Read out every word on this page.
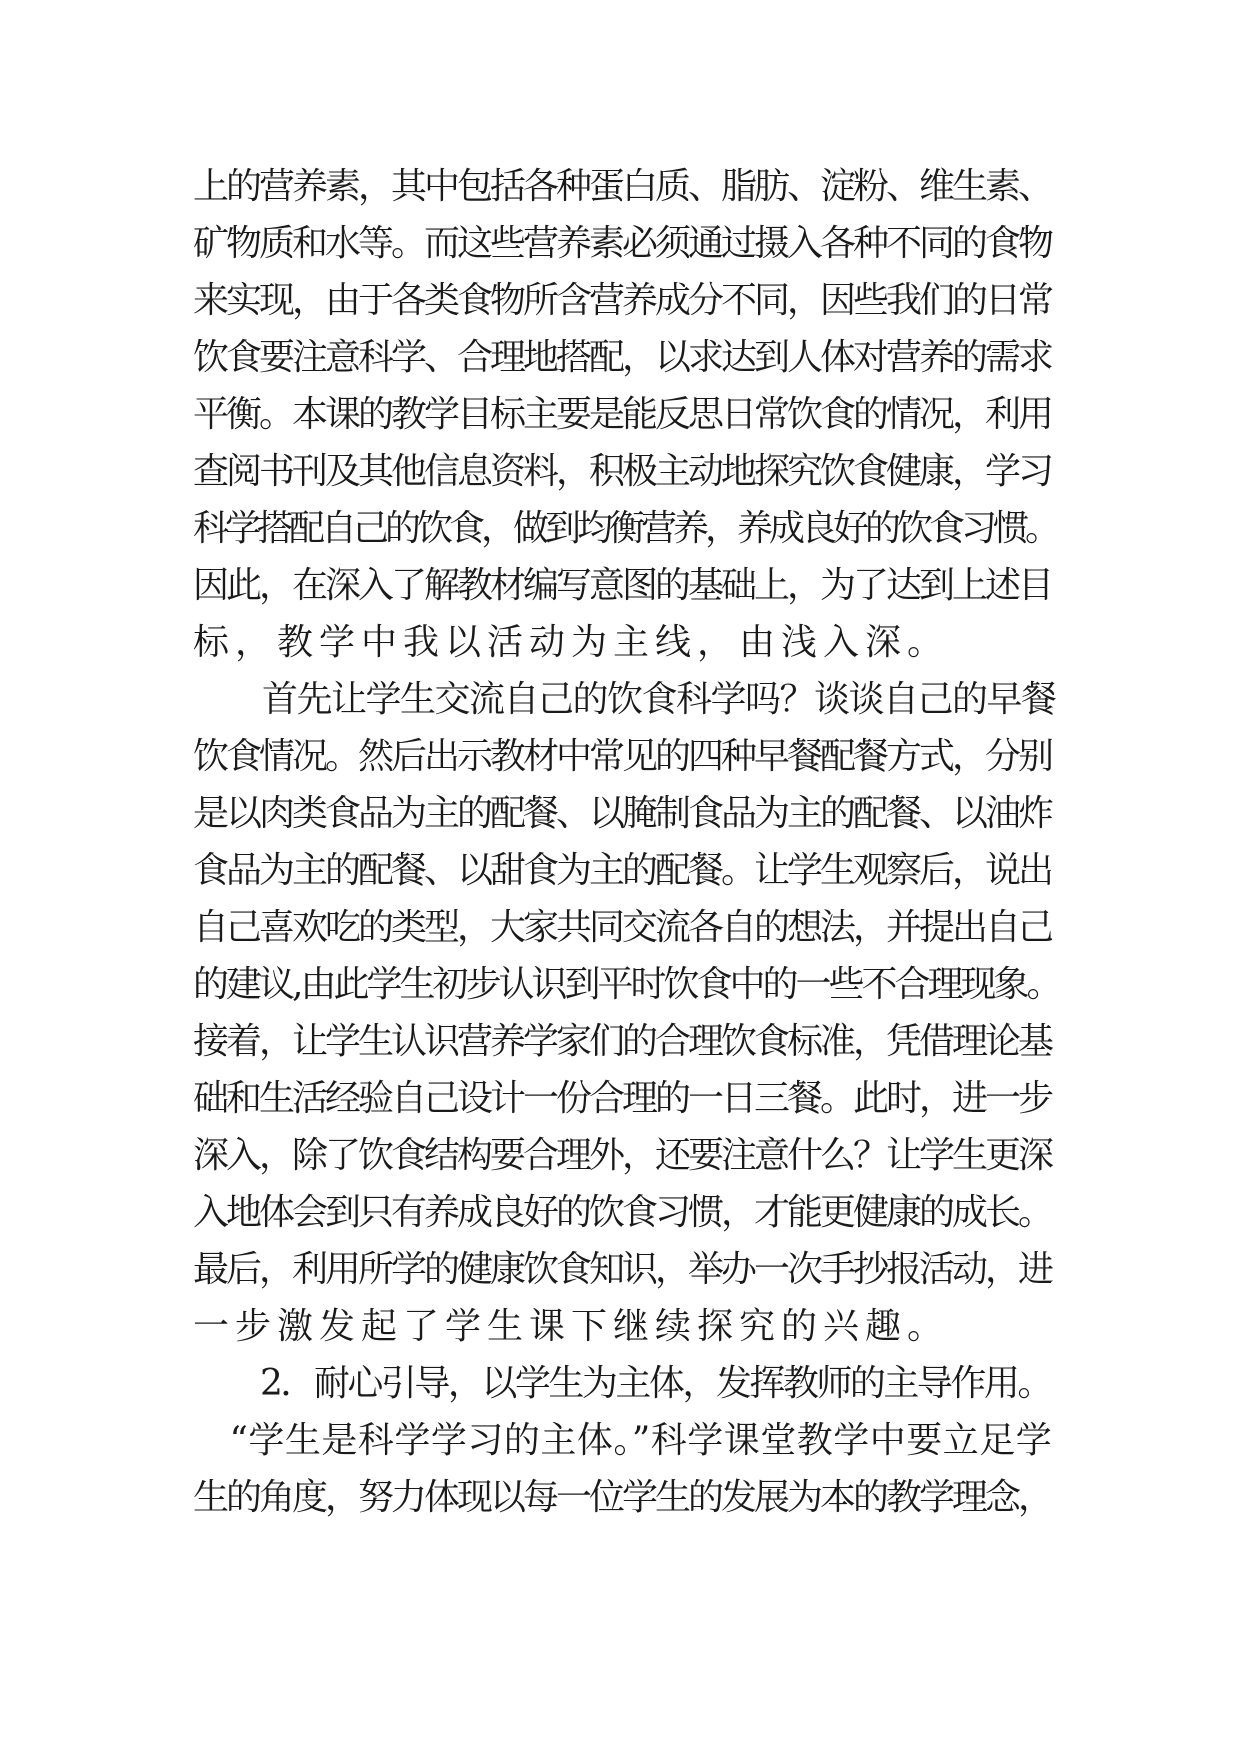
上的营养素，其中包括各种蛋白质、脂肪、淀粉、维生素、
矿物质和水等。而这些营养素必须通过摄入各种不同的食物
来实现，由于各类食物所含营养成分不同，因些我们的日常
饮食要注意科学、合理地搭配，以求达到人体对营养的需求
平衡。本课的教学目标主要是能反思日常饮食的情况，利用
查阅书刊及其他信息资料，积极主动地探究饮食健康，学习
科学搭配自己的饮食，做到均衡营养，养成良好的饮食习惯。
因此，在深入了解教材编写意图的基础上，为了达到上述目
标，教学中我以活动为主线，由浅入深。
　　首先让学生交流自己的饮食科学吗？谈谈自己的早餐
饮食情况。然后出示教材中常见的四种早餐配餐方式，分别
是以肉类食品为主的配餐、以腌制食品为主的配餐、以油炸
食品为主的配餐、以甜食为主的配餐。让学生观察后，说出
自己喜欢吃的类型，大家共同交流各自的想法，并提出自己
的建议,由此学生初步认识到平时饮食中的一些不合理现象。
接着，让学生认识营养学家们的合理饮食标准，凭借理论基
础和生活经验自己设计一份合理的一日三餐。此时，进一步
深入，除了饮食结构要合理外，还要注意什么？让学生更深
入地体会到只有养成良好的饮食习惯，才能更健康的成长。
最后，利用所学的健康饮食知识，举办一次手抄报活动，进
一步激发起了学生课下继续探究的兴趣。
　　2．耐心引导，以学生为主体，发挥教师的主导作用。
　“学生是科学学习的主体。”科学课堂教学中要立足学
生的角度，努力体现以每一位学生的发展为本的教学理念，
